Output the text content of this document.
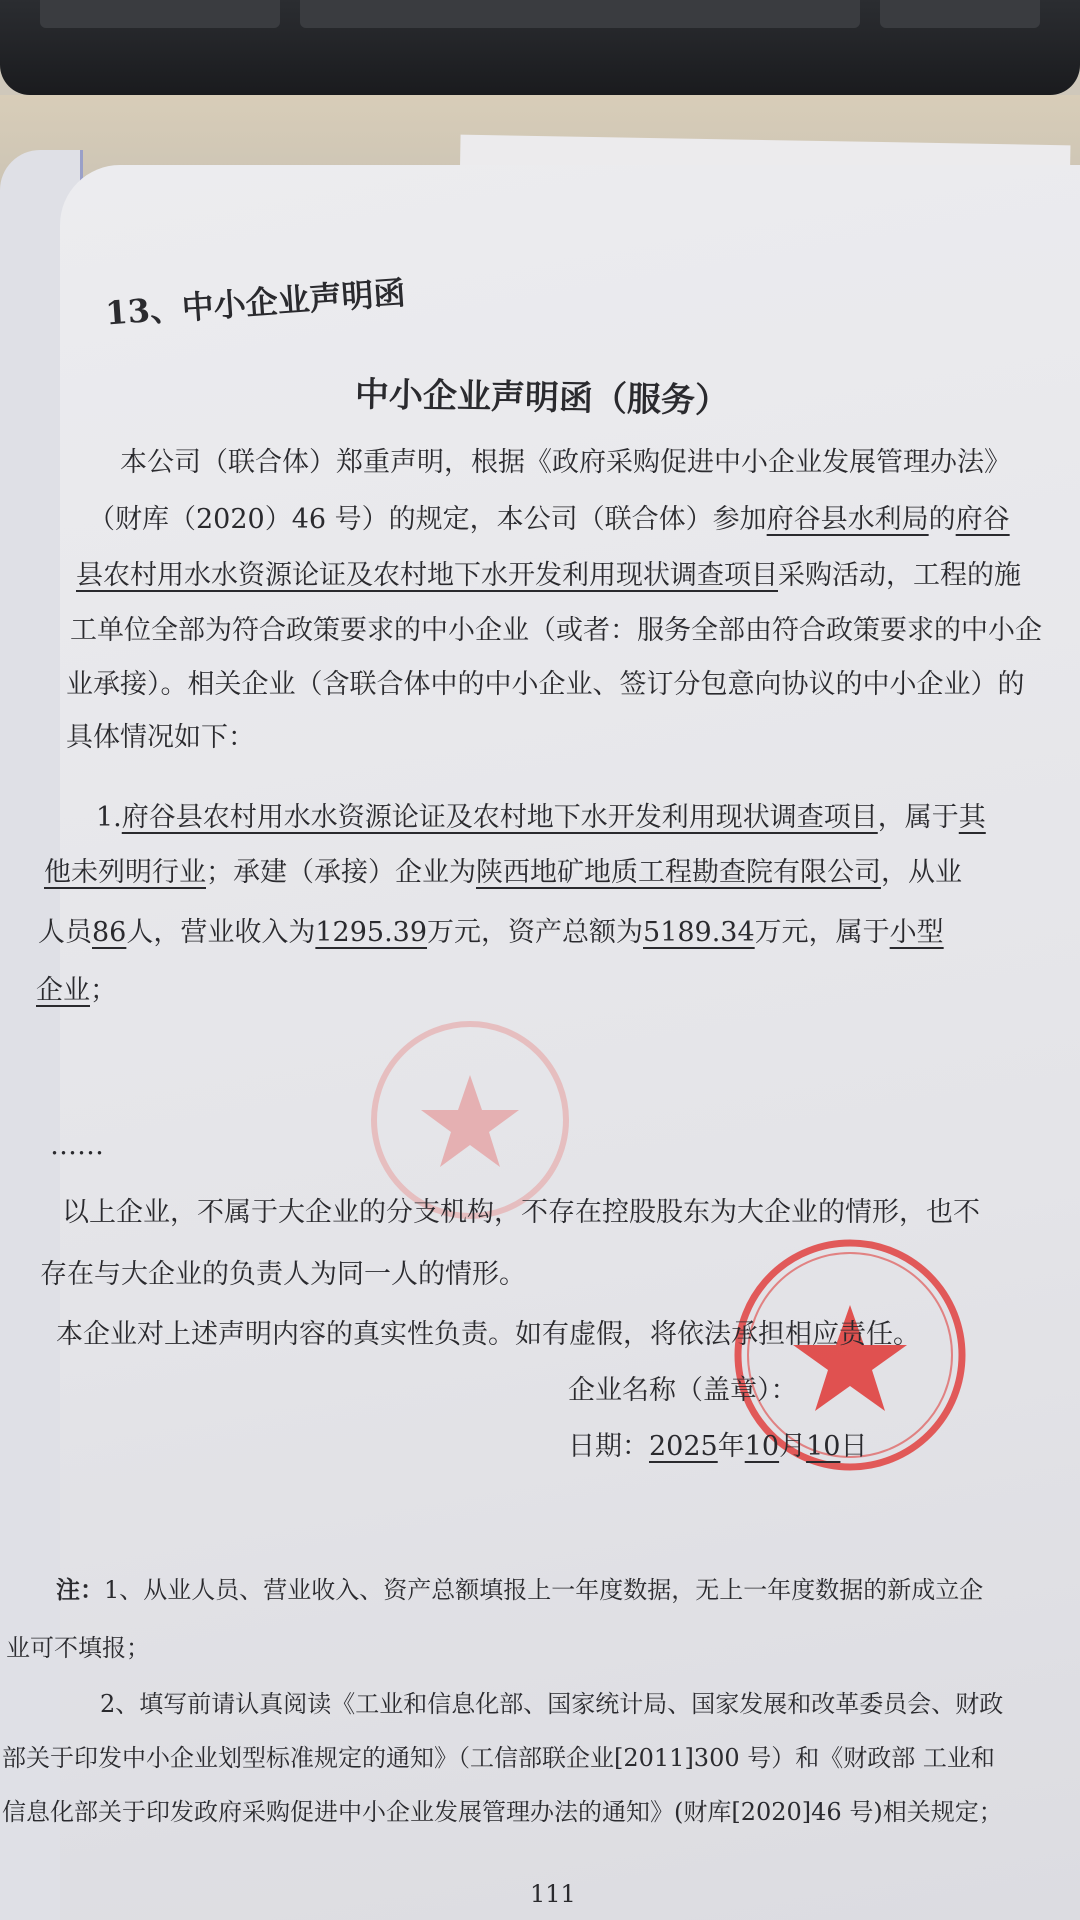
13、中小企业声明函
中小企业声明函（服务）
本公司（联合体）郑重声明，根据《政府采购促进中小企业发展管理办法》
（财库（2020）46 号）的规定，本公司（联合体）参加府谷县水利局的府谷
县农村用水水资源论证及农村地下水开发利用现状调查项目采购活动，工程的施
工单位全部为符合政策要求的中小企业（或者：服务全部由符合政策要求的中小企
业承接）。相关企业（含联合体中的中小企业、签订分包意向协议的中小企业）的
具体情况如下：
1.府谷县农村用水水资源论证及农村地下水开发利用现状调查项目，属于其
他未列明行业；承建（承接）企业为陕西地矿地质工程勘查院有限公司，从业
人员86人，营业收入为1295.39万元，资产总额为5189.34万元，属于小型
企业；
……
以上企业，不属于大企业的分支机构，不存在控股股东为大企业的情形，也不
存在与大企业的负责人为同一人的情形。
本企业对上述声明内容的真实性负责。如有虚假，将依法承担相应责任。
企业名称（盖章）：
日期：2025年10月10日
注：1、从业人员、营业收入、资产总额填报上一年度数据，无上一年度数据的新成立企
业可不填报；
2、填写前请认真阅读《工业和信息化部、国家统计局、国家发展和改革委员会、财政
部关于印发中小企业划型标准规定的通知》（工信部联企业[2011]300 号）和《财政部 工业和
信息化部关于印发政府采购促进中小企业发展管理办法的通知》(财库[2020]46 号)相关规定；
111
